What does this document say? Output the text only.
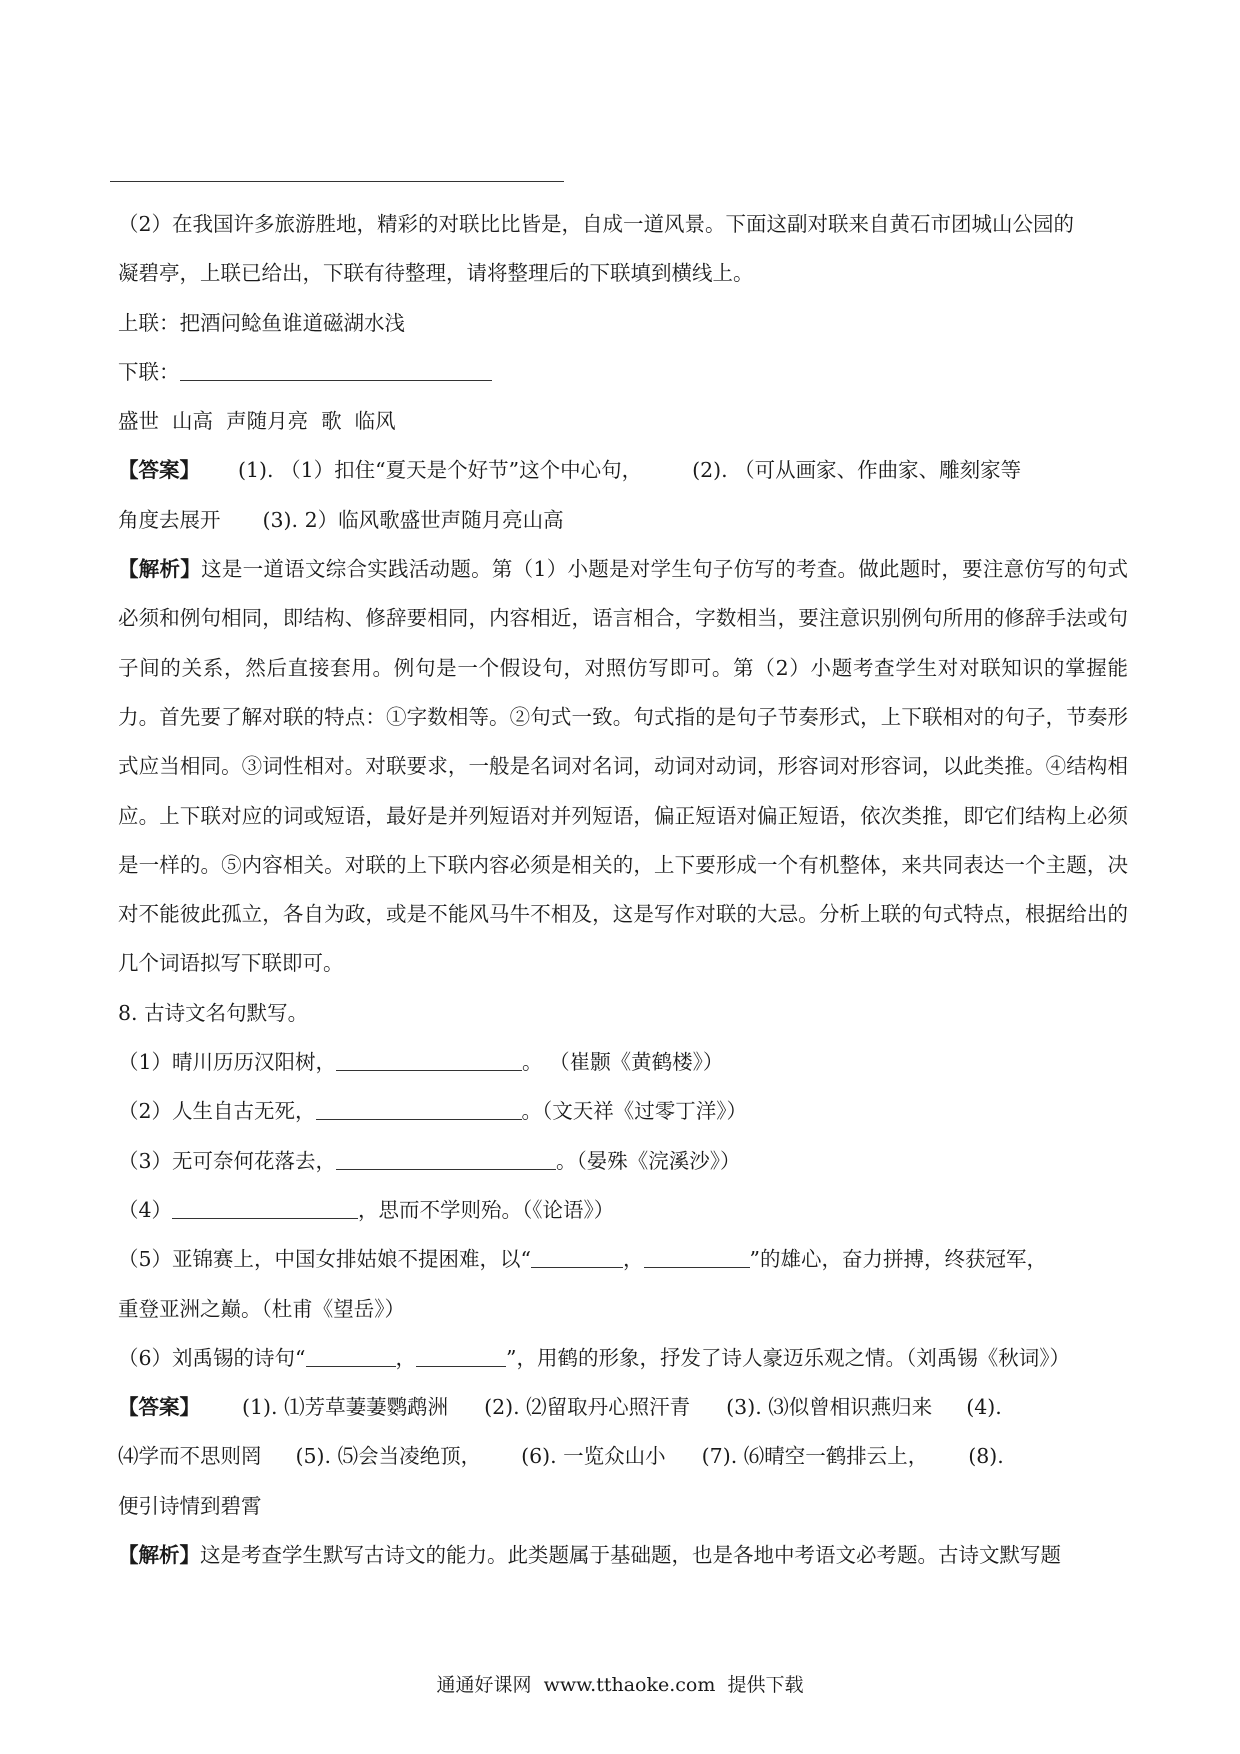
（2）在我国许多旅游胜地，精彩的对联比比皆是，自成一道风景。下面这副对联来自黄石市团城山公园的

凝碧亭，上联已给出，下联有待整理，请将整理后的下联填到横线上。

上联：把酒问鲶鱼谁道磁湖水浅

下联：

盛世  山高  声随月亮  歌  临风

【答案】 (1). （1）扣住“夏天是个好节”这个中心句， (2). （可从画家、作曲家、雕刻家等

角度去展开 (3). 2）临风歌盛世声随月亮山高

【解析】这是一道语文综合实践活动题。第（1）小题是对学生句子仿写的考查。做此题时，要注意仿写的句式必须和例句相同，即结构、修辞要相同，内容相近，语言相合，字数相当，要注意识别例句所用的修辞手法或句子间的关系，然后直接套用。例句是一个假设句，对照仿写即可。第（2）小题考查学生对对联知识的掌握能力。首先要了解对联的特点：①字数相等。②句式一致。句式指的是句子节奏形式，上下联相对的句子，节奏形式应当相同。③词性相对。对联要求，一般是名词对名词，动词对动词，形容词对形容词，以此类推。④结构相应。上下联对应的词或短语，最好是并列短语对并列短语，偏正短语对偏正短语，依次类推，即它们结构上必须是一样的。⑤内容相关。对联的上下联内容必须是相关的，上下要形成一个有机整体，来共同表达一个主题，决对不能彼此孤立，各自为政，或是不能风马牛不相及，这是写作对联的大忌。分析上联的句式特点，根据给出的几个词语拟写下联即可。

8. 古诗文名句默写。

（1）晴川历历汉阳树，	。 （崔颢《黄鹤楼》）

（2）人生自古无死，	。（文天祥《过零丁洋》）

（3）无可奈何花落去，	。（晏殊《浣溪沙》）

（4）	，思而不学则殆。（《论语》）

（5）亚锦赛上，中国女排姑娘不提困难，以“	，	”的雄心，奋力拼搏，终获冠军，

重登亚洲之巅。（杜甫《望岳》）

（6）刘禹锡的诗句“	，	”，用鹤的形象，抒发了诗人豪迈乐观之情。（刘禹锡《秋词》）

【答案】 (1). ⑴芳草萋萋鹦鹉洲 (2). ⑵留取丹心照汗青 (3). ⑶似曾相识燕归来 (4).

⑷学而不思则罔 (5). ⑸会当凌绝顶， (6). 一览众山小 (7). ⑹晴空一鹤排云上， (8).

便引诗情到碧霄

【解析】这是考查学生默写古诗文的能力。此类题属于基础题，也是各地中考语文必考题。古诗文默写题

通通好课网  www.tthaoke.com  提供下载
